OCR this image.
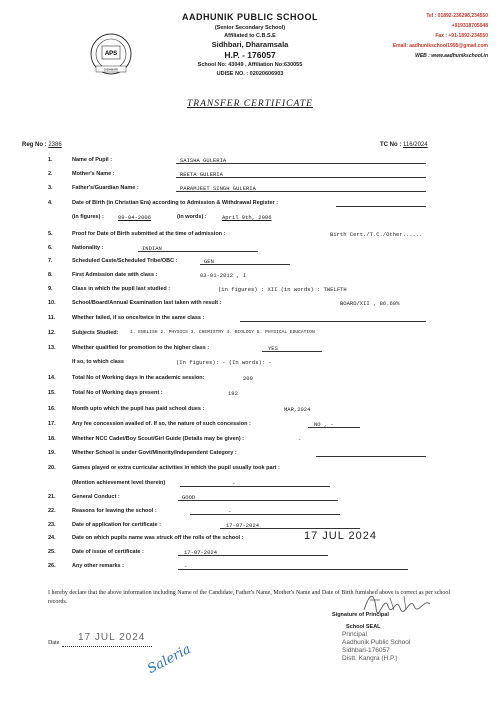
AADHUNIK PUBLIC SCHOOL
(Senior Secondary School)
Affiliated to C.B.S.E
Sidhbari, Dharamsala
H.P. - 176057
School No: 43049 , Affiliation No:630055
UDISE NO. : 02020606903
Tel : 01892-236298,234550
+919318705048
Fax : +91-1892-234550
Email: aadhunikschool1995@gmail.com
WEB : www.aadhunikschool.in
APS
SIDHBARI
TRANSFER CERTIFICATE
Reg No : 2386	TC No : 116/2024
1.	Name of Pupil :	SAISHA GULERIA
2.	Mother's Name :	REETA GULERIA
3.	Father's/Guardian Name :	PARAMJEET SINGH GULERIA
4.	Date of Birth (in Christian Era) according to Admission & Withdrawal Register :
(in figures) :	09-04-2006	(in words) :	April 9th, 2006
5.	Proof for Date of Birth submitted at the time of admission :	Birth Cert./T.C./Other......
6.	Nationality :	INDIAN
7.	Scheduled Caste/Scheduled Tribe/OBC :	GEN
8.	First Admission date with class :	03-01-2012 , I
9.	Class in which the pupil last studied :	(in figures) : XII (in words) : TWELFTH
10.	School/Board/Annual Examination last taken with result :	BOARD/XII , 86.60%
11.	Whether failed, if so once/twice in the same class :
12.	Subjects Studied:	1. ENGLISH 2. PHYSICS 3. CHEMISTRY 4. BIOLOGY 5. PHYSICAL EDUCATION
13.	Whether qualified for promotion to the higher class :	YES
If so, to which class	(In figures): - (In words): -
14.	Total No of Working days in the academic session:	209
15.	Total No of Working days present :	192
16.	Month upto which the pupil has paid school dues :	MAR,2024
17.	Any fee concession availed of. If so, the nature of such concession :	NO , -
18.	Whether NCC Cadet/Boy Scout/Girl Guide (Details may be given) :	-
19.	Whether School is under Govt/Minority/Independent Category :
20.	Games played or extra curricular activities in which the pupil usually took part :
(Mention achievement level therein)	-
21.	General Conduct :	GOOD
22.	Reasons for leaving the school :	-
23.	Date of application for certificate :	17-07-2024
24.	Date on which pupils name was struck off the rolls of the school :	17 JUL 2024
25.	Date of issue of certificate :	17-07-2024
26.	Any other remarks :	-
I hereby declare that the above information including Name of the Candidate, Father's Name, Mother's Name and Date of Birth furnished above is correct as per school records.
Date 17 JUL 2024
Signature of Principal
School SEAL
Principal
Aadhunik Public School
Sidhbari-176057
Distt. Kangra (H.P.)
Saleria
